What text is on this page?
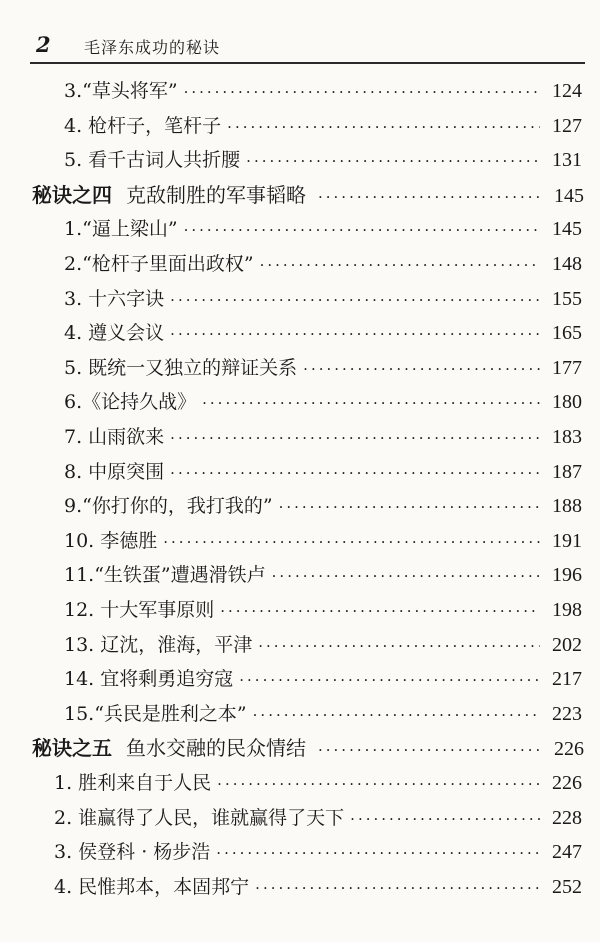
2 毛泽东成功的秘诀
3.“草头将军” ·····	124
4. 枪杆子，笔杆子 ·····	127
5. 看千古词人共折腰 ·····	131
秘诀之四 克敌制胜的军事韬略 ·····	145
1.“逼上梁山” ·····	145
2.“枪杆子里面出政权” ·····	148
3. 十六字诀 ·····	155
4. 遵义会议 ·····	165
5. 既统一又独立的辩证关系 ·····	177
6.《论持久战》 ·····	180
7. 山雨欲来 ·····	183
8. 中原突围 ·····	187
9.“你打你的，我打我的” ·····	188
10. 李德胜 ·····	191
11.“生铁蛋”遭遇滑铁卢 ·····	196
12. 十大军事原则 ·····	198
13. 辽沈，淮海，平津 ·····	202
14. 宜将剩勇追穷寇 ·····	217
15.“兵民是胜利之本” ·····	223
秘诀之五 鱼水交融的民众情结 ·····	226
1. 胜利来自于人民 ·····	226
2. 谁赢得了人民，谁就赢得了天下 ·····	228
3. 侯登科 · 杨步浩 ·····	247
4. 民惟邦本，本固邦宁 ·····	252
